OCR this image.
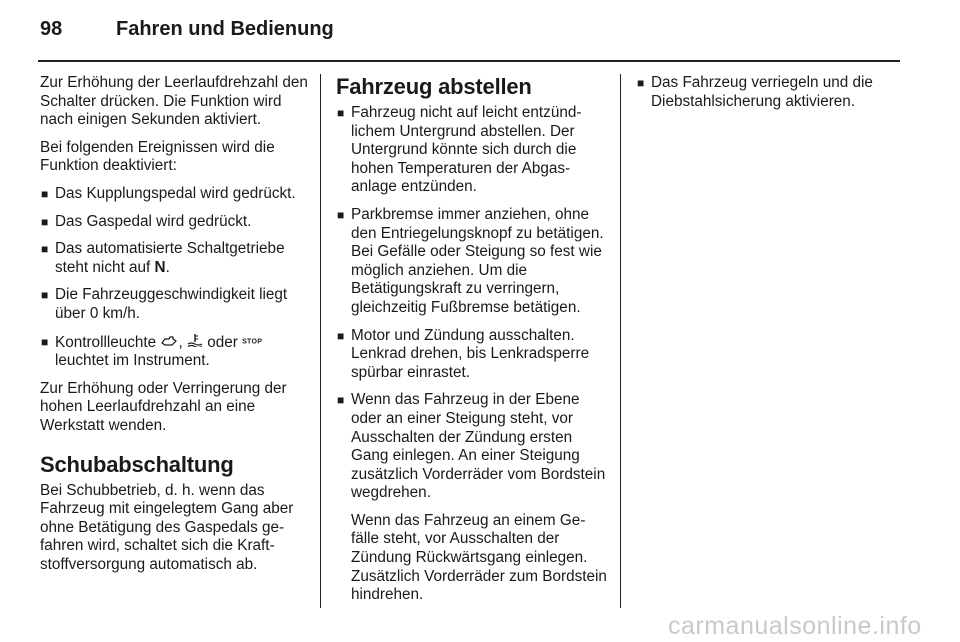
98	Fahren und Bedienung

Zur Erhöhung der Leerlaufdrehzahl den Schalter drücken. Die Funktion wird nach einigen Sekunden aktiviert.

Bei folgenden Ereignissen wird die Funktion deaktiviert:

■ Das Kupplungspedal wird gedrückt.
■ Das Gaspedal wird gedrückt.
■ Das automatisierte Schaltgetriebe steht nicht auf N.
■ Die Fahrzeuggeschwindigkeit liegt über 0 km/h.
■ Kontrollleuchte ,  oder STOP leuchtet im Instrument.

Zur Erhöhung oder Verringerung der hohen Leerlaufdrehzahl an eine Werkstatt wenden.

Schubabschaltung

Bei Schubbetrieb, d. h. wenn das Fahrzeug mit eingelegtem Gang aber ohne Betätigung des Gaspedals gefahren wird, schaltet sich die Kraftstoffversorgung automatisch ab.

Fahrzeug abstellen
■ Fahrzeug nicht auf leicht entzündlichem Untergrund abstellen. Der Untergrund könnte sich durch die hohen Temperaturen der Abgasanlage entzünden.
■ Parkbremse immer anziehen, ohne den Entriegelungsknopf zu betätigen. Bei Gefälle oder Steigung so fest wie möglich anziehen. Um die Betätigungskraft zu verringern, gleichzeitig Fußbremse betätigen.
■ Motor und Zündung ausschalten. Lenkrad drehen, bis Lenkradsperre spürbar einrastet.
■ Wenn das Fahrzeug in der Ebene oder an einer Steigung steht, vor Ausschalten der Zündung ersten Gang einlegen. An einer Steigung zusätzlich Vorderräder vom Bordstein wegdrehen.
Wenn das Fahrzeug an einem Gefälle steht, vor Ausschalten der Zündung Rückwärtsgang einlegen. Zusätzlich Vorderräder zum Bordstein hindrehen.
■ Das Fahrzeug verriegeln und die Diebstahlsicherung aktivieren.
carmanualsonline.info
